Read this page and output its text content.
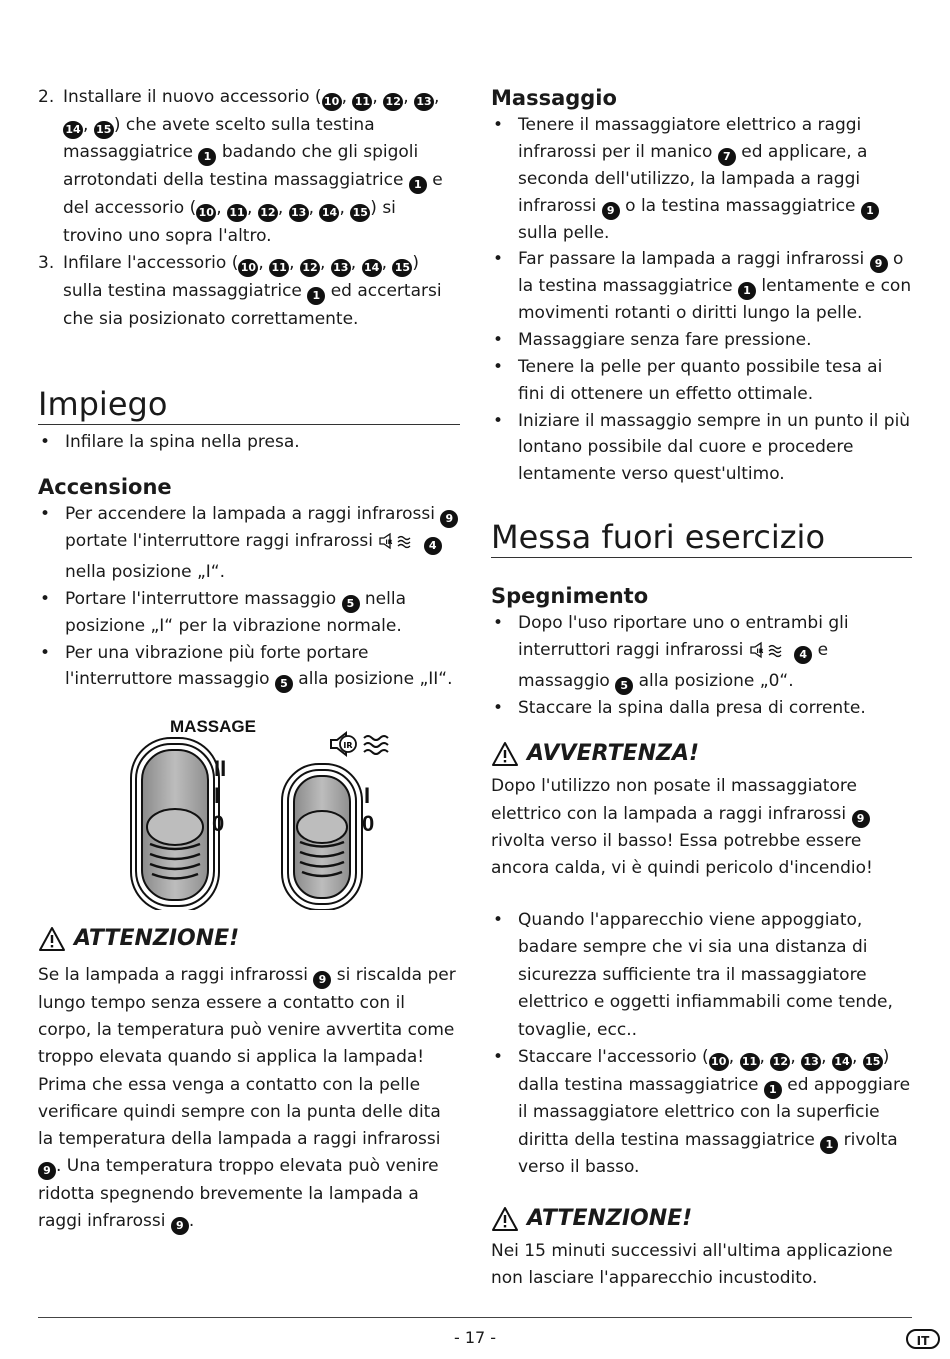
2. Installare il nuovo accessorio ( 10 , 11 , 12 , 13 , 14 , 15 ) che avete scelto sulla testina massaggiatrice 1 badando che gli spigoli arrotondati della testina massaggiatrice 1 e del accessorio ( 10 , 11 , 12 , 13 , 14 , 15 ) si trovino uno sopra l'altro.
3. Infilare l'accessorio ( 10 , 11 , 12 , 13 , 14 , 15 ) sulla testina massaggiatrice 1 ed accertarsi che sia posizionato correttamente.
Impiego
• Infilare la spina nella presa.
Accensione
• Per accendere la lampada a raggi infrarossi 9 portate l'interruttore raggi infrarossi IR	4 nella posizione „I“.
• Portare l'interruttore massaggio 5 nella posizione „I“ per la vibrazione normale.
• Per una vibrazione più forte portare l'interruttore massaggio 5 alla posizione „II“.
MASSAGE
II
I
0
IR
I
0
ATTENZIONE!

Se la lampada a raggi infrarossi 9 si riscalda per lungo tempo senza essere a contatto con il corpo, la temperatura può venire avvertita come troppo elevata quando si applica la lampada! Prima che essa venga a contatto con la pelle verificare quindi sempre con la punta delle dita la temperatura della lampada a raggi infrarossi 9 . Una temperatura troppo elevata può venire ridotta spegnendo brevemente la lampada a raggi infrarossi 9 .

Massaggio
• Tenere il massaggiatore elettrico a raggi infrarossi per il manico 7 ed applicare, a seconda dell'utilizzo, la lampada a raggi infrarossi 9 o la testina massaggiatrice 1 sulla pelle.
• Far passare la lampada a raggi infrarossi 9 o la testina massaggiatrice 1 lentamente e con movimenti rotanti o diritti lungo la pelle.
• Massaggiare senza fare pressione.
• Tenere la pelle per quanto possibile tesa ai fini di ottenere un effetto ottimale.
• Iniziare il massaggio sempre in un punto il più lontano possibile dal cuore e procedere lentamente verso quest'ultimo.
Messa fuori esercizio
Spegnimento
• Dopo l'uso riportare uno o entrambi gli interruttori raggi infrarossi IR	4 e massaggio 5 alla posizione „0“.
• Staccare la spina dalla presa di corrente.
AVVERTENZA!

Dopo l'utilizzo non posate il massaggiatore elettrico con la lampada a raggi infrarossi 9 rivolta verso il basso! Essa potrebbe essere ancora calda, vi è quindi pericolo d'incendio!

• Quando l'apparecchio viene appoggiato, badare sempre che vi sia una distanza di sicurezza sufficiente tra il massaggiatore elettrico e oggetti infiammabili come tende, tovaglie, ecc..
• Staccare l'accessorio ( 10 , 11 , 12 , 13 , 14 , 15 ) dalla testina massaggiatrice 1 ed appoggiare il massaggiatore elettrico con la superficie diritta della testina massaggiatrice 1 rivolta verso il basso.
ATTENZIONE!

Nei 15 minuti successivi all'ultima applicazione non lasciare l'apparecchio incustodito.

- 17 -	IT
